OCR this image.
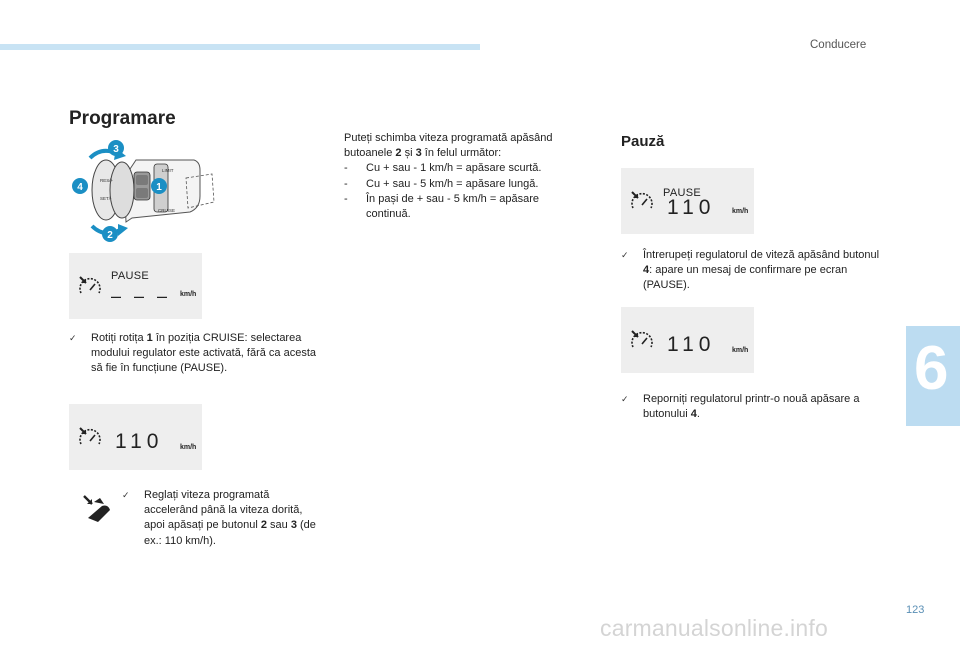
Conducere
6
Programare
RES/+
SET/-
LIMIT
CRUISE
3
4	1
2
PAUSE
– – – km/h
✓ Rotiți rotița 1 în poziția CRUISE: selectarea modului regulator este activată, fără ca acesta să fie în funcțiune (PAUSE).
110 km/h
✓ Reglați viteza programată accelerând până la viteza dorită, apoi apăsați pe butonul 2 sau 3 (de ex.: 110 km/h).
Puteți schimba viteza programată apăsând butoanele 2 și 3 în felul următor:
- Cu + sau - 1 km/h = apăsare scurtă.
- Cu + sau - 5 km/h = apăsare lungă.
- În pași de + sau - 5 km/h = apăsare continuă.
Pauză
PAUSE
110 km/h
✓ Întrerupeți regulatorul de viteză apăsând butonul 4: apare un mesaj de confirmare pe ecran (PAUSE).
110 km/h
✓ Reporniți regulatorul printr-o nouă apăsare a butonului 4.
123
carmanualsonline.info
